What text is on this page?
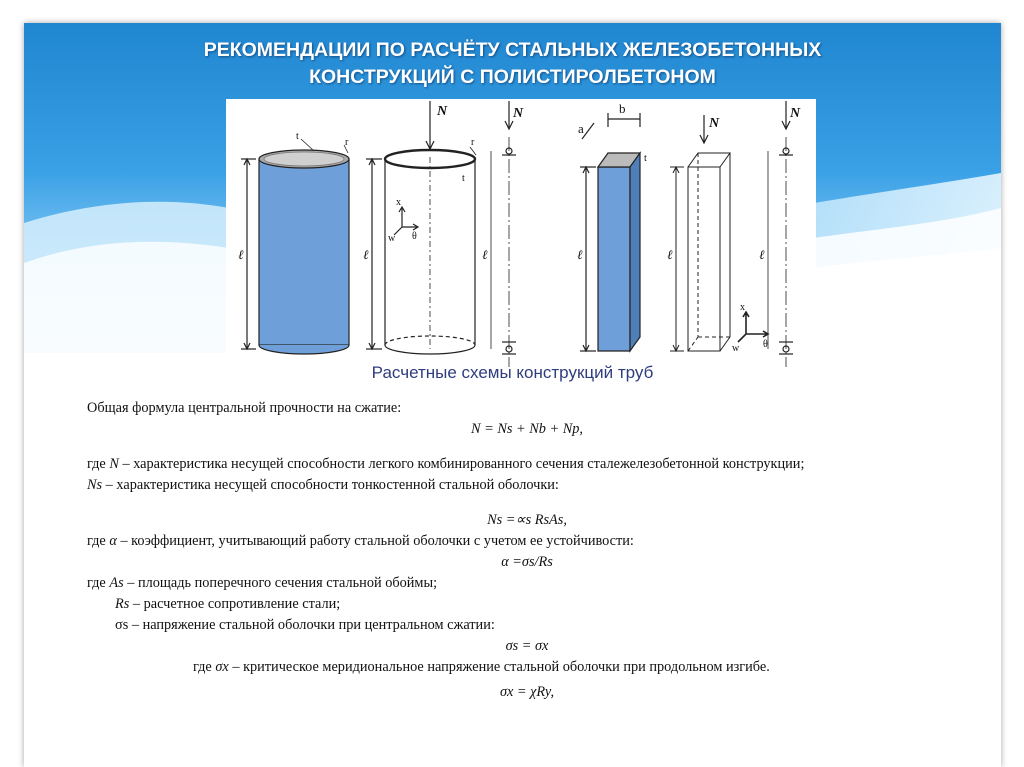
РЕКОМЕНДАЦИИ ПО РАСЧЁТУ СТАЛЬНЫХ ЖЕЛЕЗОБЕТОННЫХ
КОНСТРУКЦИЙ С ПОЛИСТИРОЛБЕТОНОМ
N	N
N
N
t
r	r
t
t
x
w θ
x
w θ
ℓ	ℓ	ℓ	ℓ	ℓ	ℓ
b
a
Расчетные схемы конструкций труб

Общая формула центральной прочности на сжатие:

N = Ns + Nb + Np,

где N – характеристика несущей способности легкого комбинированного сечения сталежелезобетонной конструкции;

Ns – характеристика несущей способности тонкостенной стальной оболочки:

Ns =∝s RsAs,

где α – коэффициент, учитывающий работу стальной оболочки с учетом ее устойчивости:

α =σs/Rs

где As – площадь поперечного сечения стальной обоймы;

Rs – расчетное сопротивление стали;

σs – напряжение стальной оболочки при центральном сжатии:

σs = σx

где σx – критическое меридиональное напряжение стальной оболочки при продольном изгибе.

σx = χRy,
